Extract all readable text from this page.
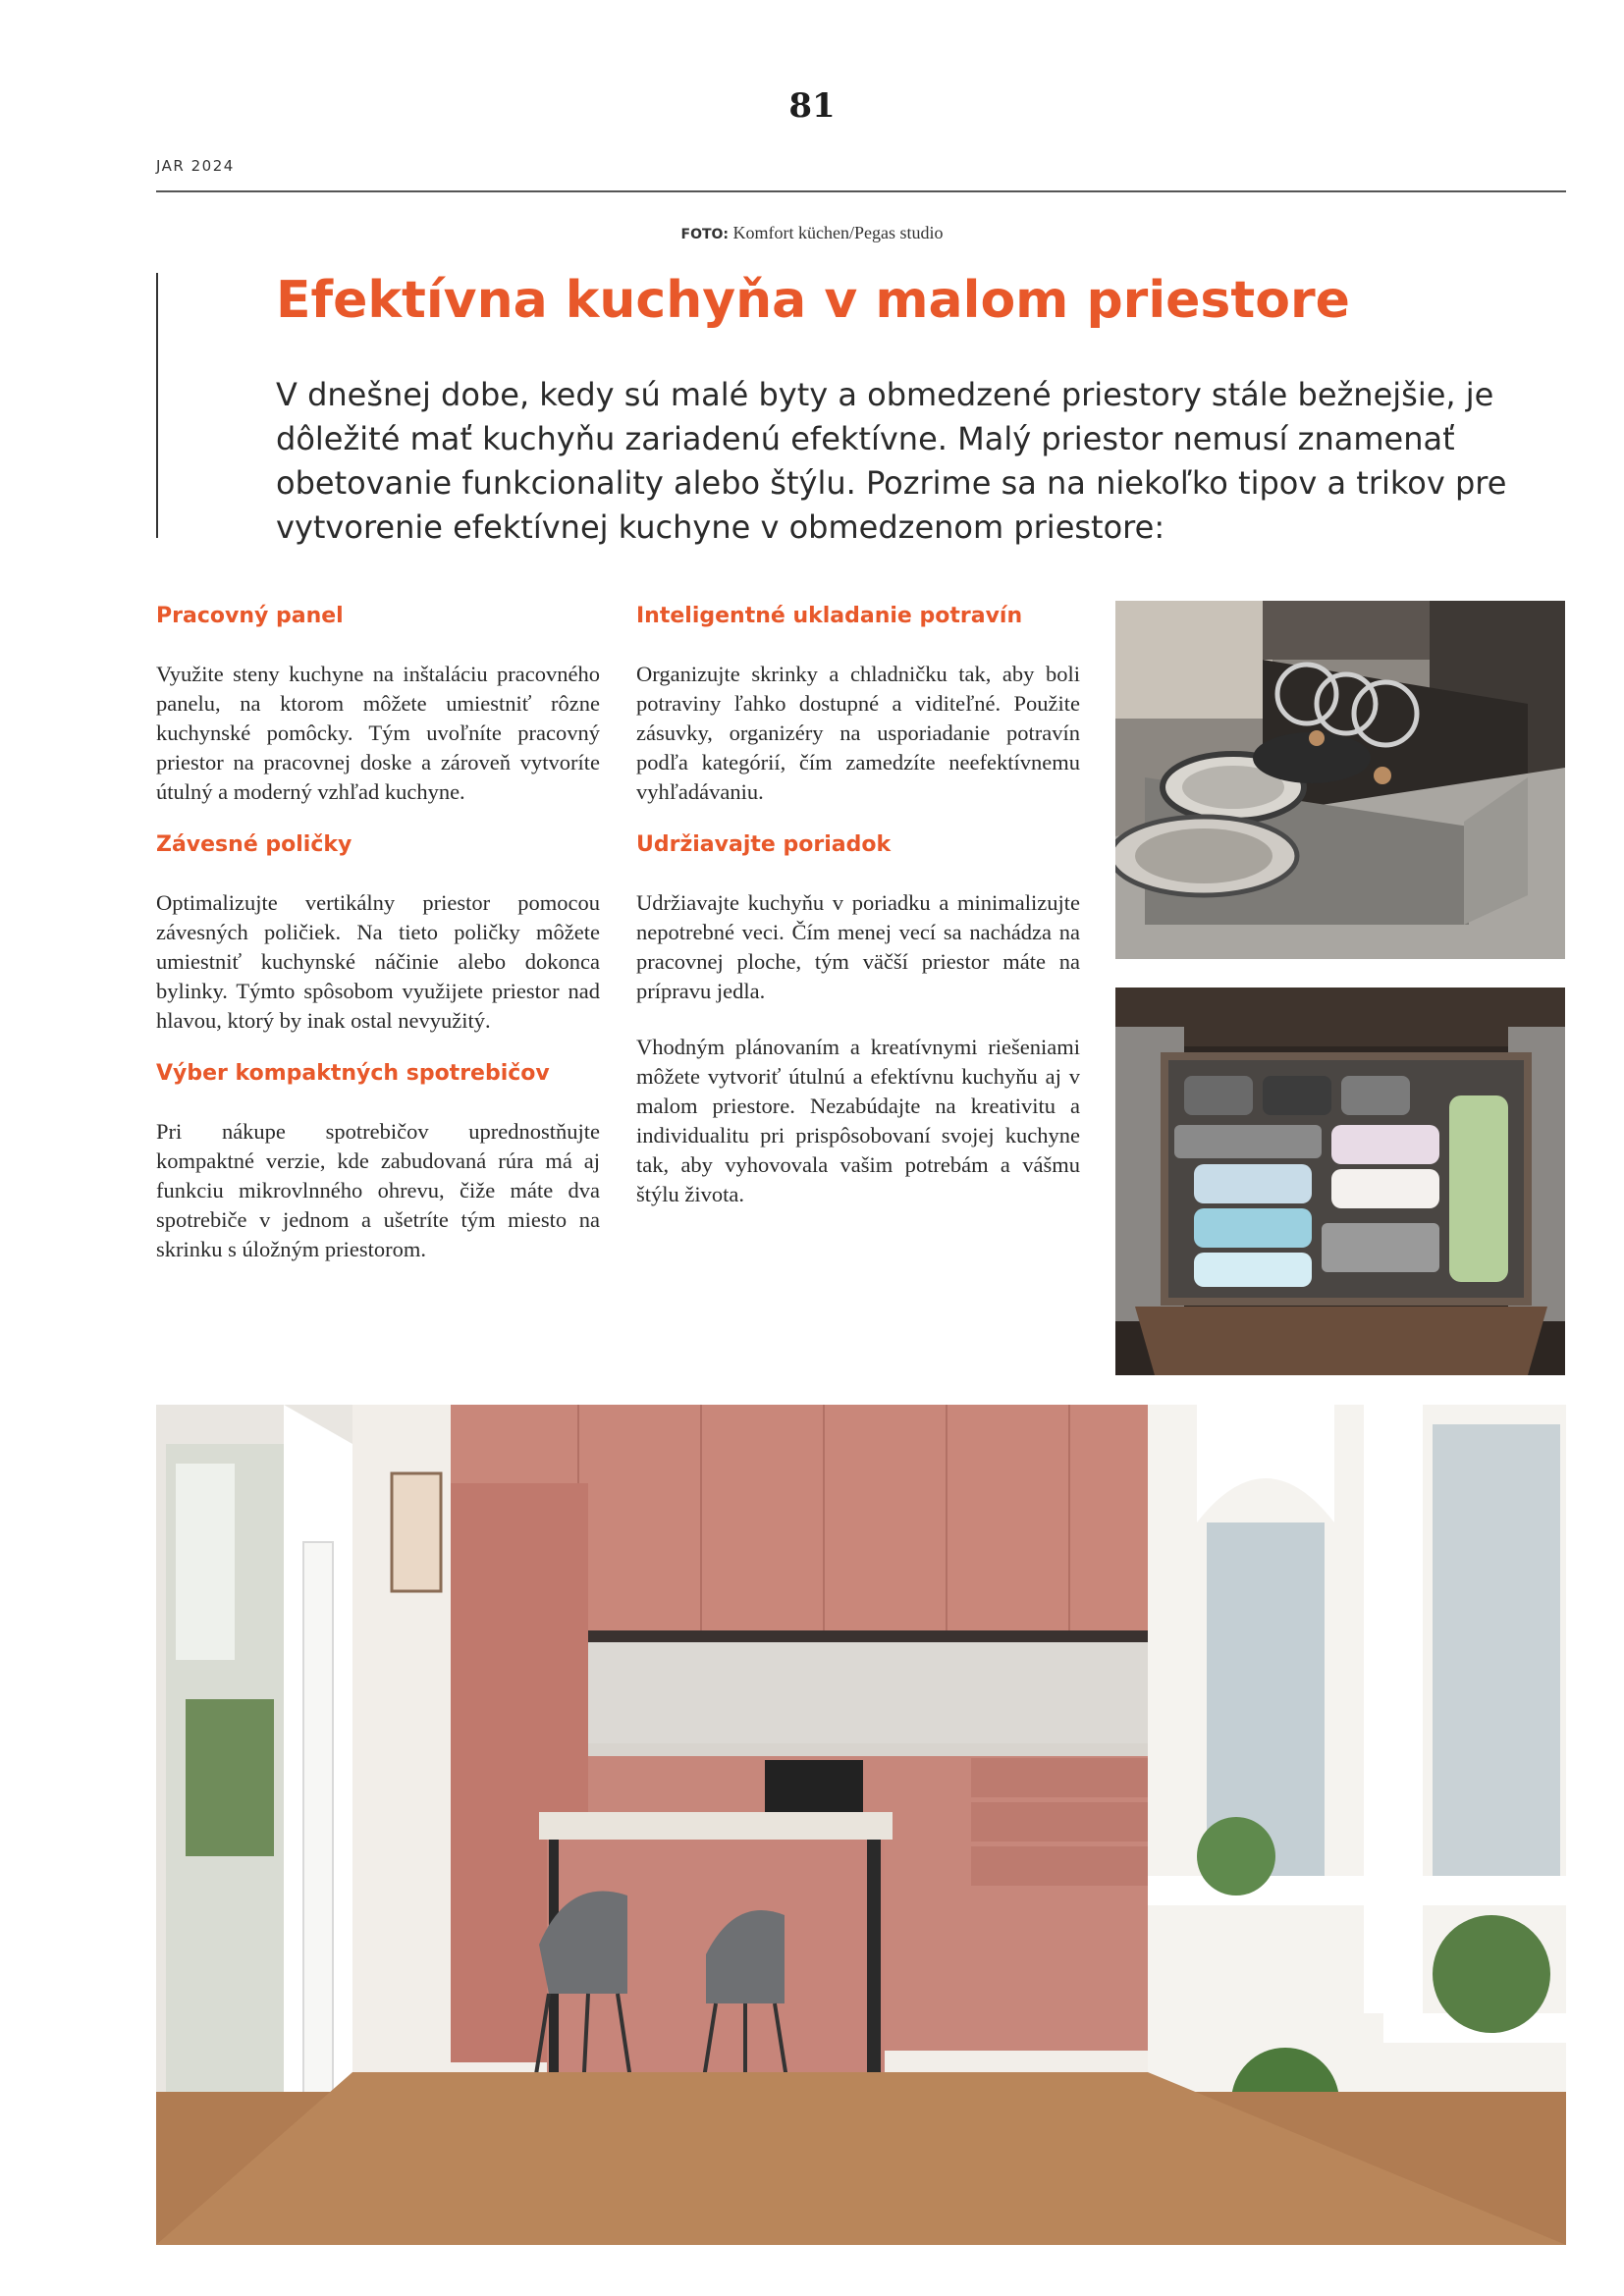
81
JAR 2024
FOTO: Komfort küchen/Pegas studio
Efektívna kuchyňa v malom priestore

V dnešnej dobe, kedy sú malé byty a obmedzené priestory stále bežnejšie, je dôležité mať kuchyňu zariadenú efektívne. Malý priestor nemusí znamenať obetovanie funkcionality alebo štýlu. Pozrime sa na niekoľko tipov a trikov pre vytvorenie efektívnej kuchyne v obmedzenom priestore:

Pracovný panel

Využite steny kuchyne na inštaláciu pracovného panelu, na ktorom môžete umiestniť rôzne kuchynské pomôcky. Tým uvoľníte pracovný priestor na pracovnej doske a zároveň vytvoríte útulný a moderný vzhľad kuchyne.

Závesné poličky

Optimalizujte vertikálny priestor pomocou závesných poličiek. Na tieto poličky môžete umiestniť kuchynské náčinie alebo dokonca bylinky. Týmto spôsobom využijete priestor nad hlavou, ktorý by inak ostal nevyužitý.

Výber kompaktných spotrebičov

Pri nákupe spotrebičov uprednostňujte kompaktné verzie, kde zabudovaná rúra má aj funkciu mikrovlnného ohrevu, čiže máte dva spotrebiče v jednom a ušetríte tým miesto na skrinku s úložným priestorom.

Inteligentné ukladanie potravín

Organizujte skrinky a chladničku tak, aby boli potraviny ľahko dostupné a viditeľné. Použite zásuvky, organizéry na usporiadanie potravín podľa kategórií, čím zamedzíte neefektívnemu vyhľadávaniu.

Udržiavajte poriadok

Udržiavajte kuchyňu v poriadku a minimalizujte nepotrebné veci. Čím menej vecí sa nachádza na pracovnej ploche, tým väčší priestor máte na prípravu jedla.

Vhodným plánovaním a kreatívnymi riešeniami môžete vytvoriť útulnú a efektívnu kuchyňu aj v malom priestore. Nezabúdajte na kreativitu a individualitu pri prispôsobovaní svojej kuchyne tak, aby vyhovovala vašim potrebám a vášmu štýlu života.
